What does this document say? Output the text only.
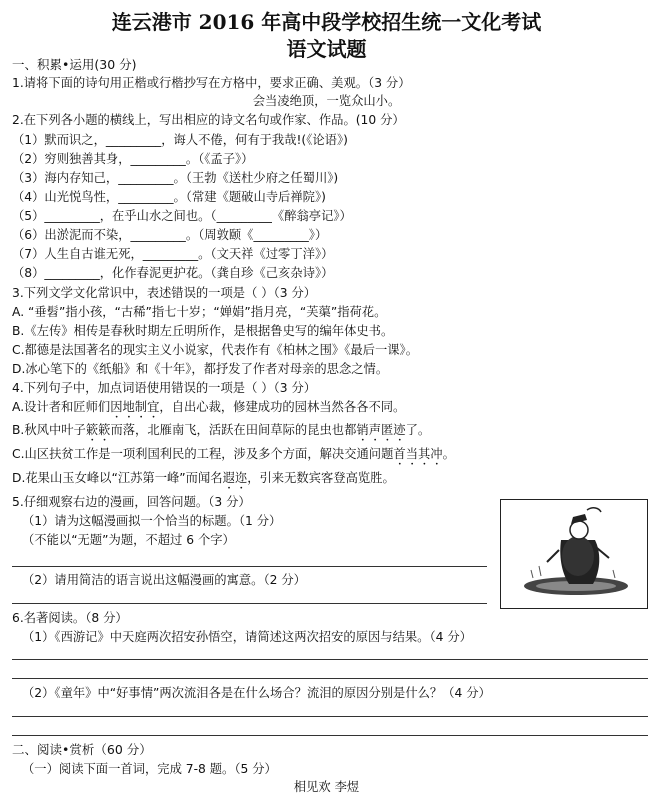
连云港市 2016 年高中段学校招生统一文化考试
语文试题
一、积累•运用(30 分)
1.请将下面的诗句用正楷或行楷抄写在方格中，要求正确、美观。（3 分）
会当凌绝顶，一览众山小。
2.在下列各小题的横线上，写出相应的诗文名句或作家、作品。(10 分）
（1）默而识之，_________，诲人不倦，何有于我哉!(《论语》)
（2）穷则独善其身，_________。（《孟子》）
（3）海内存知己，_________。（王勃《送杜少府之任蜀川》)
（4）山光悦鸟性，_________。（常建《题破山寺后禅院》)
（5）_________，在乎山水之间也。（_________《醉翁亭记》）
（6）出淤泥而不染，_________。（周敦颐《_________》）
（7）人生自古谁无死，_________。（文天祥《过零丁洋》）
（8）_________，化作春泥更护花。（龚自珍《己亥杂诗》）
3.下列文学文化常识中，表述错误的一项是（ ）（3 分）
A. “垂髫”指小孩，“古稀”指七十岁；“婵娟”指月亮，“芙蕖”指荷花。
B.《左传》相传是春秋时期左丘明所作，是根据鲁史写的编年体史书。
C.都德是法国著名的现实主义小说家，代表作有《柏林之围》《最后一课》。
D.冰心笔下的《纸船》和《十年》，都抒发了作者对母亲的思念之情。
4.下列句子中，加点词语使用错误的一项是（ ）（3 分）
A.设计者和匠师们因地制宜，自出心裁，修建成功的园林当然各各不同。
B.秋风中叶子簌簌而落，北雁南飞，活跃在田间草际的昆虫也都销声匿迹了。
C.山区扶贫工作是一项利国利民的工程，涉及多个方面，解决交通问题首当其冲。
D.花果山玉女峰以“江苏第一峰”而闻名遐迩，引来无数宾客登高览胜。
5.仔细观察右边的漫画，回答问题。（3 分）
（1）请为这幅漫画拟一个恰当的标题。（1 分）
（不能以“无题”为题，不超过 6 个字）
（2）请用简洁的语言说出这幅漫画的寓意。（2 分）
6.名著阅读。（8 分）
（1）《西游记》中天庭两次招安孙悟空，请简述这两次招安的原因与结果。（4 分）
（2）《童年》中“好事情”两次流泪各是在什么场合？流泪的原因分别是什么？（4 分）
二、阅读•赏析（60 分）
（一）阅读下面一首词，完成 7-8 题。（5 分）
相见欢 李煜
